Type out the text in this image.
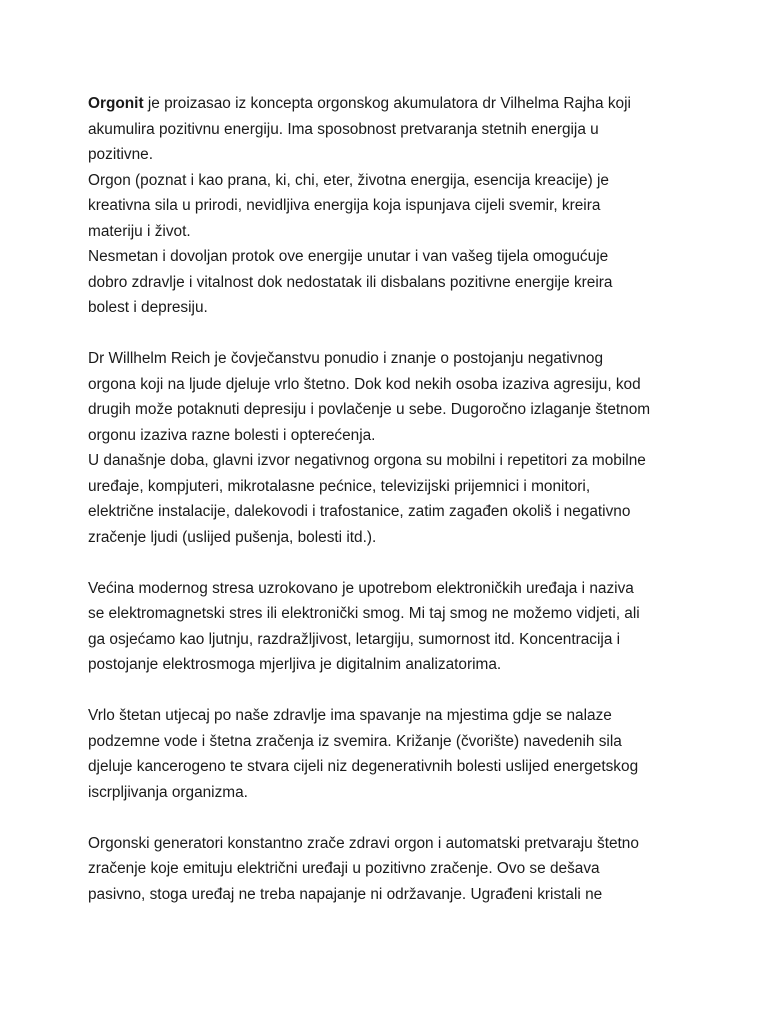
Orgonit je proizasao iz koncepta orgonskog akumulatora dr Vilhelma Rajha koji
akumulira pozitivnu energiju. Ima sposobnost pretvaranja stetnih energija u
pozitivne.
Orgon (poznat i kao prana, ki, chi, eter, životna energija, esencija kreacije) je
kreativna sila u prirodi, nevidljiva energija koja ispunjava cijeli svemir, kreira
materiju i život.
Nesmetan i dovoljan protok ove energije unutar i van vašeg tijela omogućuje
dobro zdravlje i vitalnost dok nedostatak ili disbalans pozitivne energije kreira
bolest i depresiju.

Dr Willhelm Reich je čovječanstvu ponudio i znanje o postojanju negativnog
orgona koji na ljude djeluje vrlo štetno. Dok kod nekih osoba izaziva agresiju, kod
drugih može potaknuti depresiju i povlačenje u sebe. Dugoročno izlaganje štetnom
orgonu izaziva razne bolesti i opterećenja.
U današnje doba, glavni izvor negativnog orgona su mobilni i repetitori za mobilne
uređaje, kompjuteri, mikrotalasne pećnice, televizijski prijemnici i monitori,
električne instalacije, dalekovodi i trafostanice, zatim zagađen okoliš i negativno
zračenje ljudi (uslijed pušenja, bolesti itd.).

Većina modernog stresa uzrokovano je upotrebom elektroničkih uređaja i naziva
se elektromagnetski stres ili elektronički smog. Mi taj smog ne možemo vidjeti, ali
ga osjećamo kao ljutnju, razdražljivost, letargiju, sumornost itd. Koncentracija i
postojanje elektrosmoga mjerljiva je digitalnim analizatorima.

Vrlo štetan utjecaj po naše zdravlje ima spavanje na mjestima gdje se nalaze
podzemne vode i štetna zračenja iz svemira. Križanje (čvorište) navedenih sila
djeluje kancerogeno te stvara cijeli niz degenerativnih bolesti uslijed energetskog
iscrpljivanja organizma.

Orgonski generatori konstantno zrače zdravi orgon i automatski pretvaraju štetno
zračenje koje emituju električni uređaji u pozitivno zračenje. Ovo se dešava
pasivno, stoga uređaj ne treba napajanje ni održavanje. Ugrađeni kristali ne
